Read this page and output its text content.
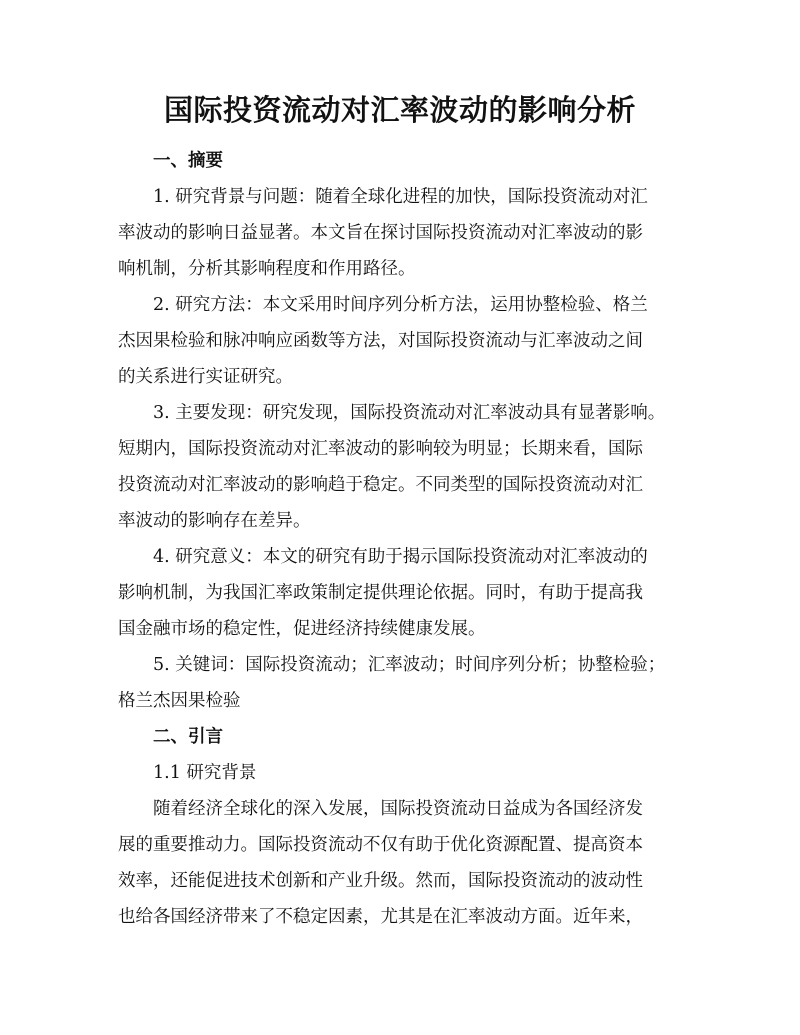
国际投资流动对汇率波动的影响分析

一、摘要

1. 研究背景与问题：随着全球化进程的加快，国际投资流动对汇

率波动的影响日益显著。本文旨在探讨国际投资流动对汇率波动的影

响机制，分析其影响程度和作用路径。

2. 研究方法：本文采用时间序列分析方法，运用协整检验、格兰

杰因果检验和脉冲响应函数等方法，对国际投资流动与汇率波动之间

的关系进行实证研究。

3. 主要发现：研究发现，国际投资流动对汇率波动具有显著影响。

短期内，国际投资流动对汇率波动的影响较为明显；长期来看，国际

投资流动对汇率波动的影响趋于稳定。不同类型的国际投资流动对汇

率波动的影响存在差异。

4. 研究意义：本文的研究有助于揭示国际投资流动对汇率波动的

影响机制，为我国汇率政策制定提供理论依据。同时，有助于提高我

国金融市场的稳定性，促进经济持续健康发展。

5. 关键词：国际投资流动；汇率波动；时间序列分析；协整检验；

格兰杰因果检验

二、引言

1.1 研究背景

随着经济全球化的深入发展，国际投资流动日益成为各国经济发

展的重要推动力。国际投资流动不仅有助于优化资源配置、提高资本

效率，还能促进技术创新和产业升级。然而，国际投资流动的波动性

也给各国经济带来了不稳定因素，尤其是在汇率波动方面。近年来，
